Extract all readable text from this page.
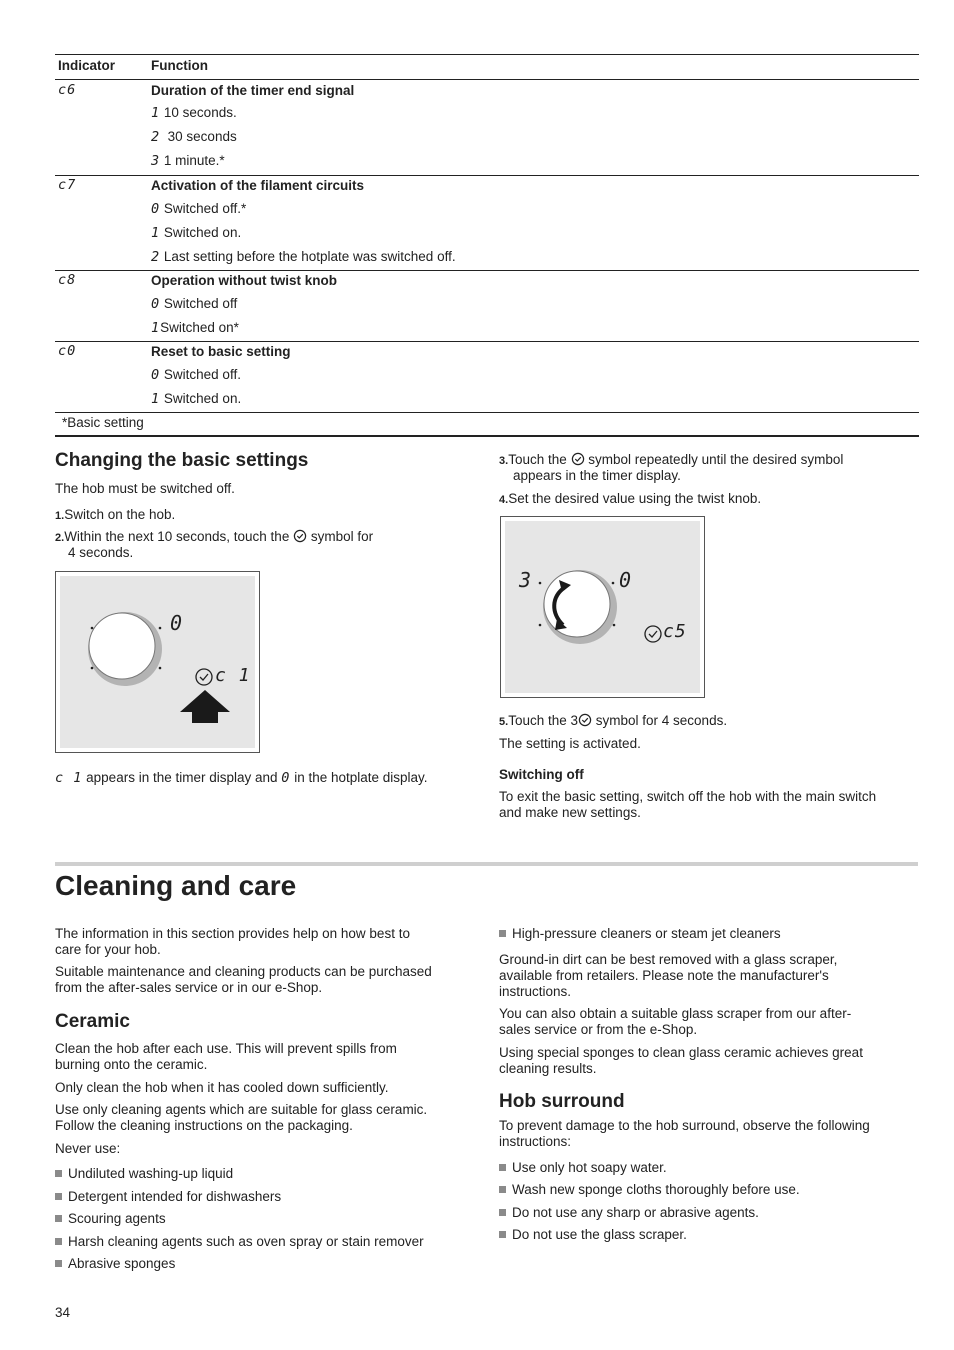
Indicator	Function
c6	Duration of the timer end signal
1 10 seconds.
2 30 seconds
3 1 minute.*
c7	Activation of the filament circuits
0 Switched off.*
1 Switched on.
2 Last setting before the hotplate was switched off.
c8	Operation without twist knob
0 Switched off
1Switched on*
c0	Reset to basic setting
0 Switched off.
1 Switched on.
*Basic setting
Changing the basic settings
The hob must be switched off.
1.Switch on the hob.
2.Within the next 10 seconds, touch the symbol for
4 seconds.
0
c 1
c 1 appears in the timer display and 0 in the hotplate display.
3.Touch the symbol repeatedly until the desired symbol
appears in the timer display.
4.Set the desired value using the twist knob.
3	0
c5
5.Touch the 3 symbol for 4 seconds.
The setting is activated.
Switching off
To exit the basic setting, switch off the hob with the main switch
and make new settings.
Cleaning and care
The information in this section provides help on how best to
care for your hob.
Suitable maintenance and cleaning products can be purchased
from the after-sales service or in our e-Shop.
Ceramic
Clean the hob after each use. This will prevent spills from
burning onto the ceramic.
Only clean the hob when it has cooled down sufficiently.
Use only cleaning agents which are suitable for glass ceramic.
Follow the cleaning instructions on the packaging.
Never use:
Undiluted washing-up liquid
Detergent intended for dishwashers
Scouring agents
Harsh cleaning agents such as oven spray or stain remover
Abrasive sponges
High-pressure cleaners or steam jet cleaners
Ground-in dirt can be best removed with a glass scraper,
available from retailers. Please note the manufacturer's
instructions.
You can also obtain a suitable glass scraper from our after-
sales service or from the e-Shop.
Using special sponges to clean glass ceramic achieves great
cleaning results.
Hob surround
To prevent damage to the hob surround, observe the following
instructions:
Use only hot soapy water.
Wash new sponge cloths thoroughly before use.
Do not use any sharp or abrasive agents.
Do not use the glass scraper.
34
